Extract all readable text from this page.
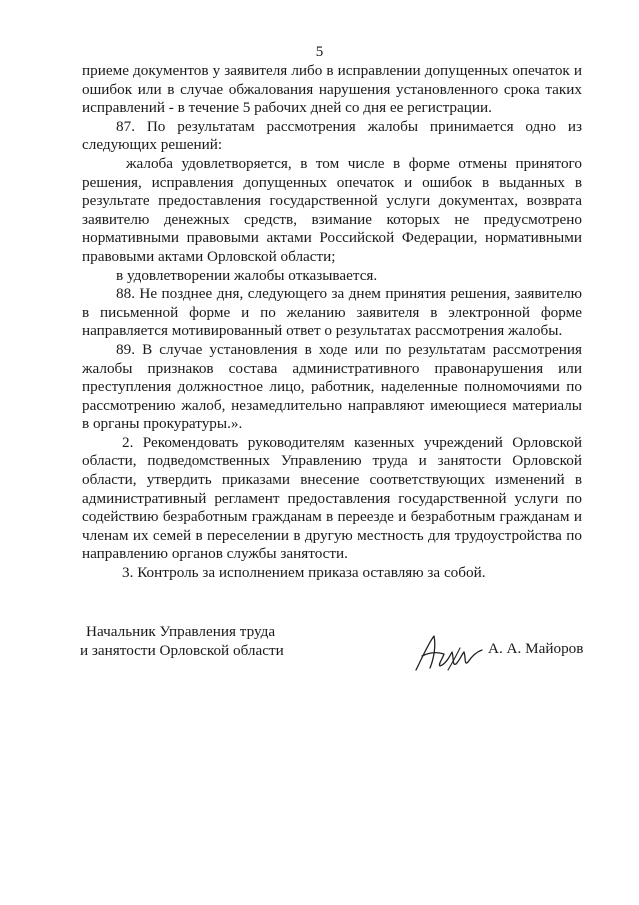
5

приеме документов у заявителя либо в исправлении допущенных опечаток и ошибок или в случае обжалования нарушения установленного срока таких исправлений - в течение 5 рабочих дней со дня ее регистрации.

87. По результатам рассмотрения жалобы принимается одно из следующих решений:

жалоба удовлетворяется, в том числе в форме отмены принятого решения, исправления допущенных опечаток и ошибок в выданных в результате предоставления государственной услуги документах, возврата заявителю денежных средств, взимание которых не предусмотрено нормативными правовыми актами Российской Федерации, нормативными правовыми актами Орловской области;

в удовлетворении жалобы отказывается.

88. Не позднее дня, следующего за днем принятия решения, заявителю в письменной форме и по желанию заявителя в электронной форме направляется мотивированный ответ о результатах рассмотрения жалобы.

89. В случае установления в ходе или по результатам рассмотрения жалобы признаков состава административного правонарушения или преступления должностное лицо, работник, наделенные полномочиями по рассмотрению жалоб, незамедлительно направляют имеющиеся материалы в органы прокуратуры.».

2. Рекомендовать руководителям казенных учреждений Орловской области, подведомственных Управлению труда и занятости Орловской области, утвердить приказами внесение соответствующих изменений в административный регламент предоставления государственной услуги по содействию безработным гражданам в переезде и безработным гражданам и членам их семей в переселении в другую местность для трудоустройства по направлению органов службы занятости.

3. Контроль за исполнением приказа оставляю за собой.

Начальник Управления труда
и занятости Орловской области	А. А. Майоров
